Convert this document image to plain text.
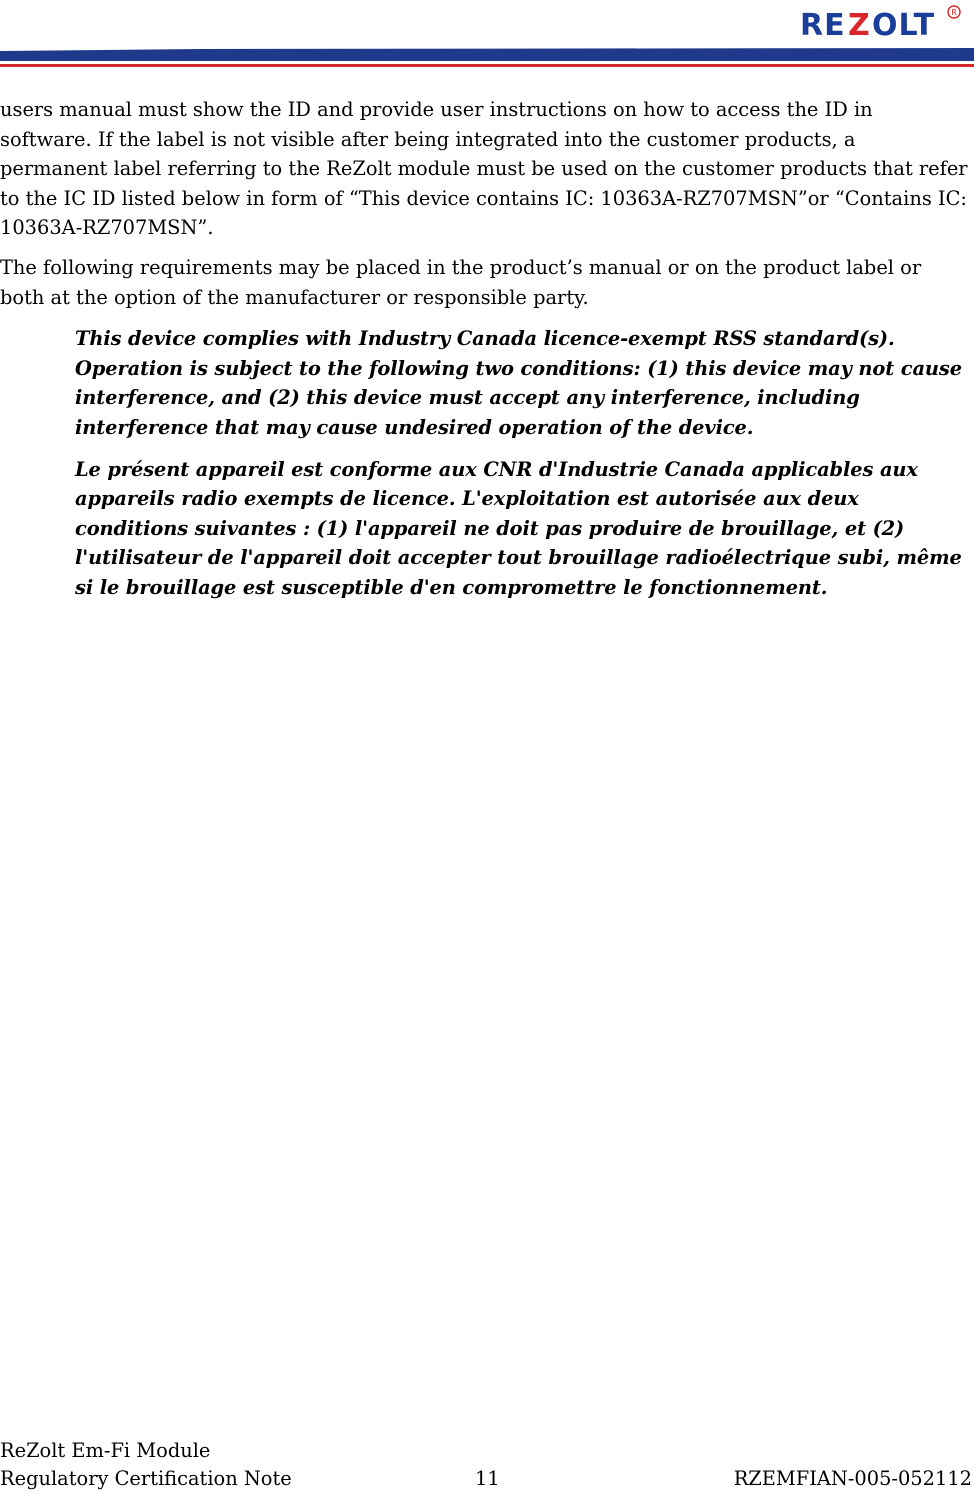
RE Z OLT R

users manual must show the ID and provide user instructions on how to access the ID in software. If the label is not visible after being integrated into the customer products, a permanent label referring to the ReZolt module must be used on the customer products that refer to the IC ID listed below in form of “This device contains IC: 10363A-RZ707MSN”or “Contains IC: 10363A-RZ707MSN”.

The following requirements may be placed in the product’s manual or on the product label or both at the option of the manufacturer or responsible party.

This device complies with Industry Canada licence-exempt RSS standard(s). Operation is subject to the following two conditions: (1) this device may not cause interference, and (2) this device must accept any interference, including interference that may cause undesired operation of the device.

Le présent appareil est conforme aux CNR d'Industrie Canada applicables aux appareils radio exempts de licence. L'exploitation est autorisée aux deux conditions suivantes : (1) l'appareil ne doit pas produire de brouillage, et (2) l'utilisateur de l'appareil doit accepter tout brouillage radioélectrique subi, même si le brouillage est susceptible d'en compromettre le fonctionnement.

ReZolt Em-Fi Module
Regulatory Certification Note	11	RZEMFIAN-005-052112
